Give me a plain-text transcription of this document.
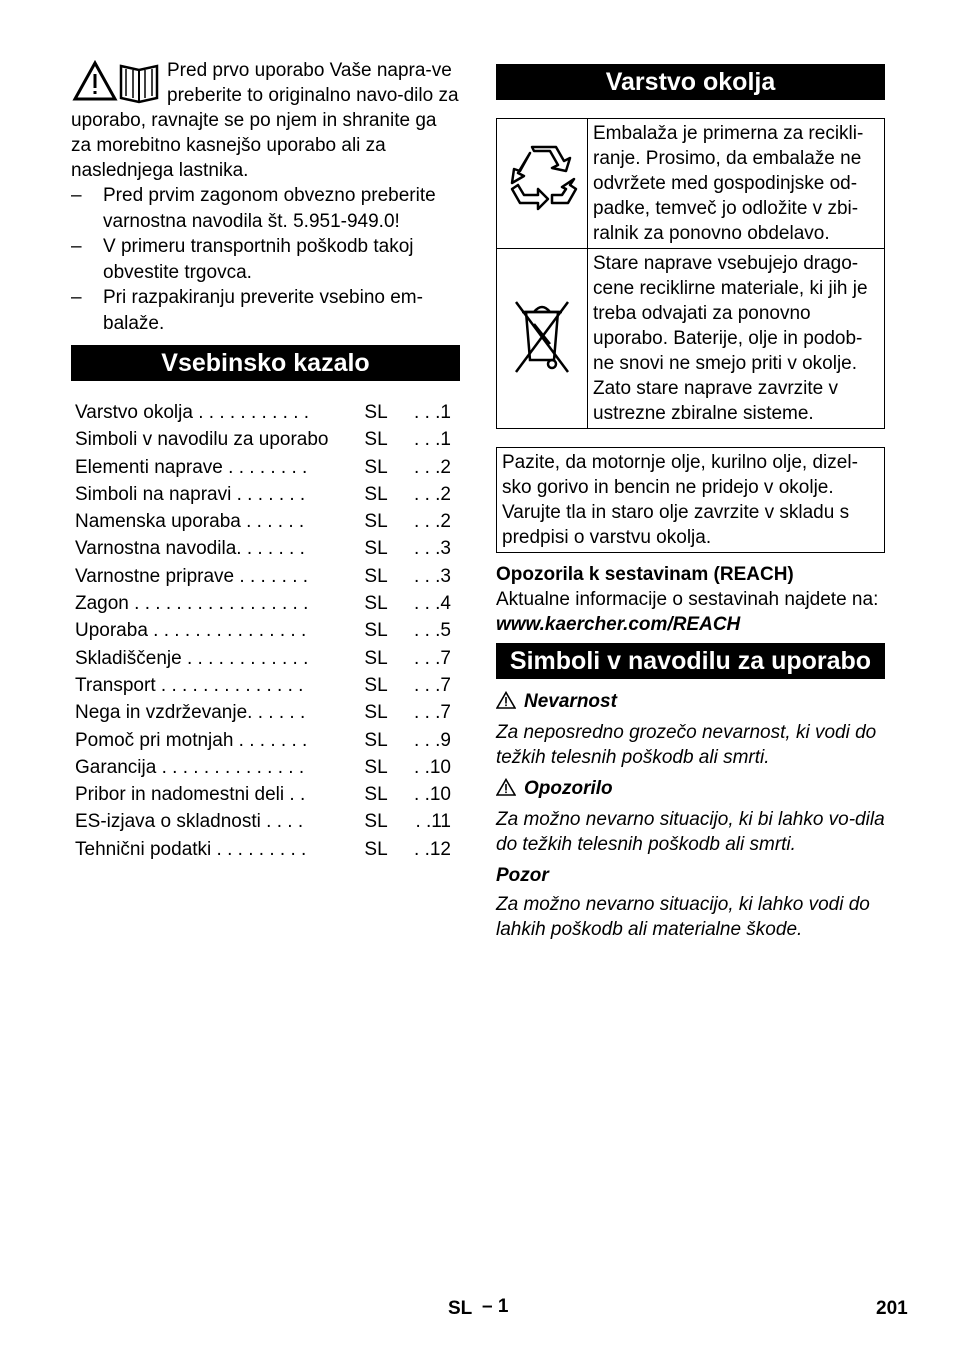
Pred prvo uporabo Vaše napra-ve preberite to originalno navo-dilo za uporabo, ravnajte se po njem in shranite ga za morebitno kasnejšo uporabo ali za naslednjega lastnika.

– Pred prvim zagonom obvezno preberite varnostna navodila št. 5.951-949.0!
– V primeru transportnih poškodb takoj obvestite trgovca.
– Pri razpakiranju preverite vsebino em-balaže.
Vsebinsko kazalo
Varstvo okolja . . . . . . . . . . .	SL	. . .1
Simboli v navodilu za uporabo	SL	. . .1
Elementi naprave . . . . . . . .	SL	. . .2
Simboli na napravi . . . . . . .	SL	. . .2
Namenska uporaba . . . . . .	SL	. . .2
Varnostna navodila. . . . . . .	SL	. . .3
Varnostne priprave . . . . . . .	SL	. . .3
Zagon . . . . . . . . . . . . . . . . .	SL	. . .4
Uporaba . . . . . . . . . . . . . . .	SL	. . .5
Skladiščenje . . . . . . . . . . . .	SL	. . .7
Transport . . . . . . . . . . . . . .	SL	. . .7
Nega in vzdrževanje. . . . . .	SL	. . .7
Pomoč pri motnjah . . . . . . .	SL	. . .9
Garancija . . . . . . . . . . . . . .	SL	. .10
Pribor in nadomestni deli . .	SL	. .10
ES-izjava o skladnosti . . . .	SL	. .11
Tehnični podatki . . . . . . . . .	SL	. .12
Varstvo okolja
	Embalaža je primerna za recikli-ranje. Prosimo, da embalaže ne odvržete med gospodinjske od-padke, temveč jo odložite v zbi-ralnik za ponovno obdelavo.
	Stare naprave vsebujejo drago-cene reciklirne materiale, ki jih je treba odvajati za ponovno uporabo. Baterije, olje in podob-ne snovi ne smejo priti v okolje. Zato stare naprave zavrzite v ustrezne zbiralne sisteme.
Pazite, da motornje olje, kurilno olje, dizel-sko gorivo in bencin ne pridejo v okolje. Varujte tla in staro olje zavrzite v skladu s predpisi o varstvu okolja.

Opozorila k sestavinam (REACH)

Aktualne informacije o sestavinah najdete na:

www.kaercher.com/REACH

Simboli v navodilu za uporabo

Nevarnost

Za neposredno grozečo nevarnost, ki vodi do težkih telesnih poškodb ali smrti.

Opozorilo

Za možno nevarno situacijo, ki bi lahko vo-dila do težkih telesnih poškodb ali smrti.

Pozor

Za možno nevarno situacijo, ki lahko vodi do lahkih poškodb ali materialne škode.

SL – 1	201
